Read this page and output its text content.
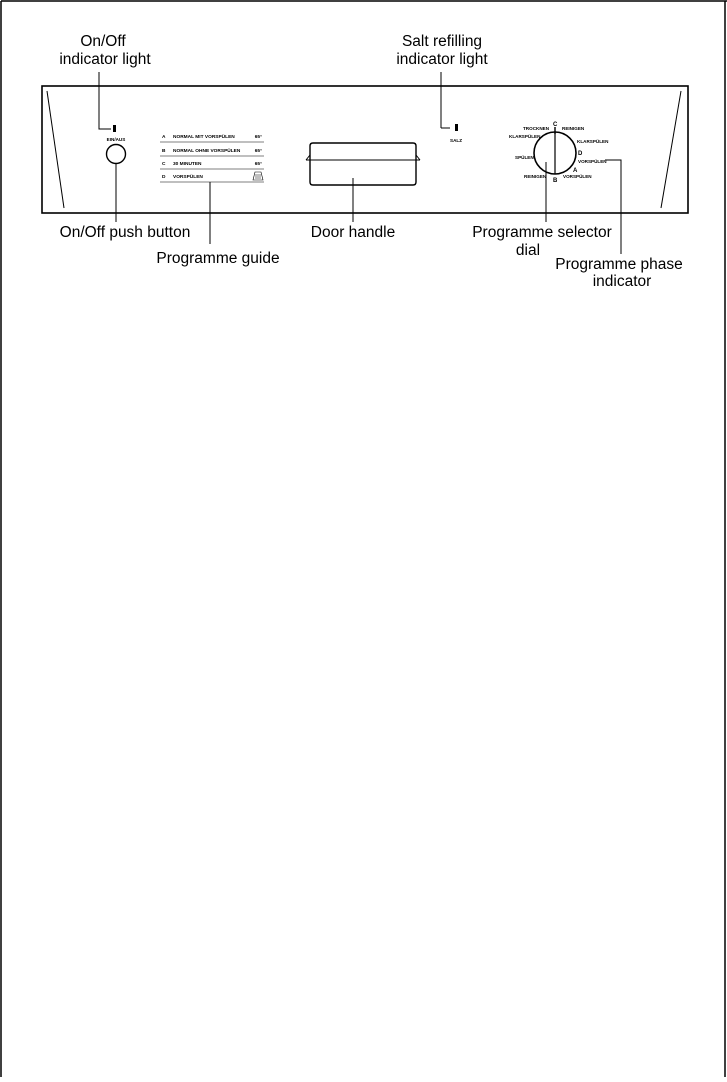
On/Off
indicator light
EIN/AUS
On/Off push button
A NORMAL MIT VORSPÜLEN	65°
B NORMAL OHNE VORSPÜLEN	65°
C 30 MINUTEN	65°
D VORSPÜLEN
Programme guide
Door handle
SALZ
Salt refilling
indicator light
TROCKNEN
C
REINIGEN
KLARSPÜLEN
KLARSPÜLEN
D
SPÜLEN
VORSPÜLEN
A
REINIGEN
B
VORSPÜLEN
Programme selector
dial
Programme phase
indicator
